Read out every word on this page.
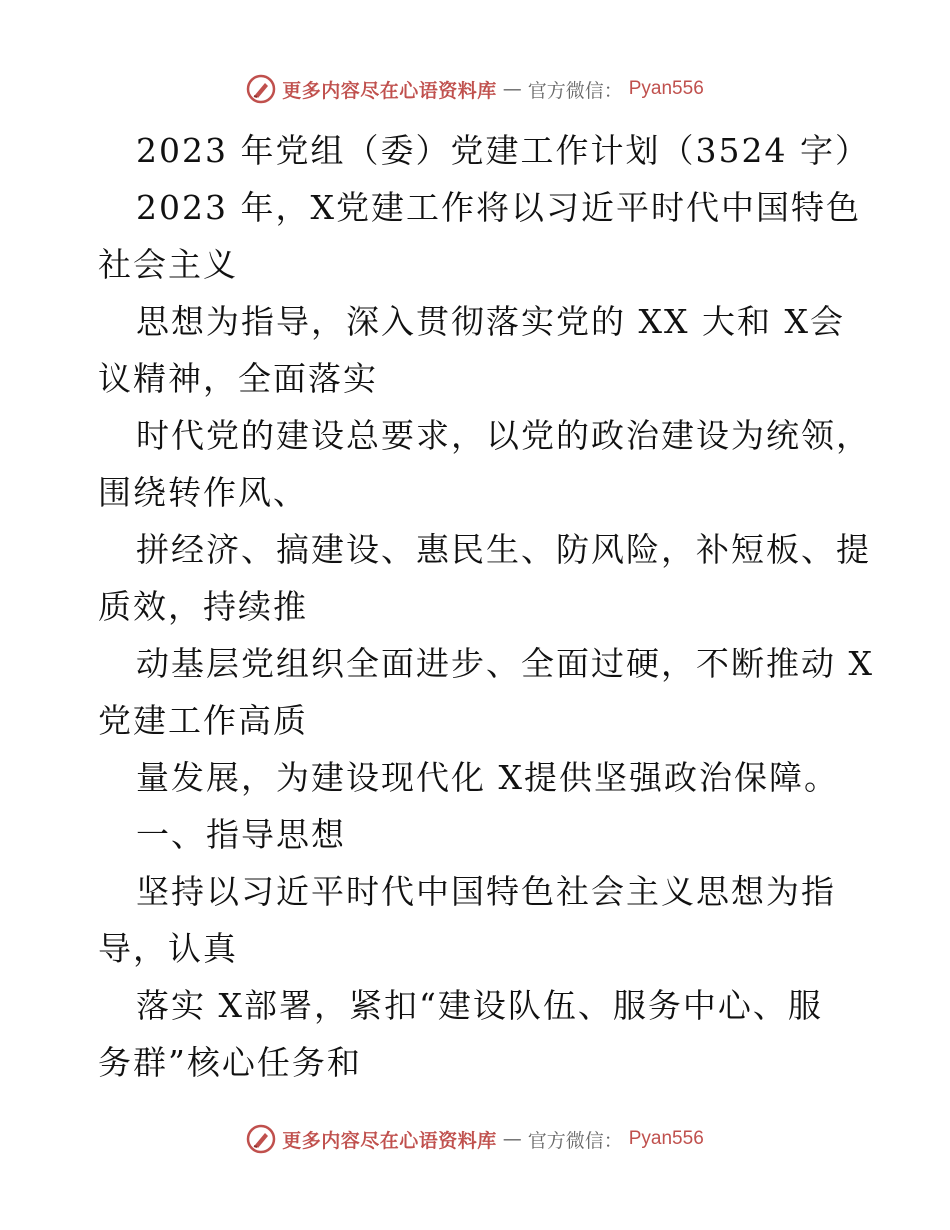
更多内容尽在心语资料库 — 官方微信： Pyan556
2023 年党组（委）党建工作计划（3524 字）
2023 年，X党建工作将以习近平时代中国特色
社会主义
思想为指导，深入贯彻落实党的 XX 大和 X会
议精神，全面落实
时代党的建设总要求，以党的政治建设为统领，
围绕转作风、
拼经济、搞建设、惠民生、防风险，补短板、提
质效，持续推
动基层党组织全面进步、全面过硬，不断推动 X
党建工作高质
量发展，为建设现代化 X提供坚强政治保障。
一、指导思想
坚持以习近平时代中国特色社会主义思想为指
导，认真
落实 X部署，紧扣“建设队伍、服务中心、服
务群”核心任务和
更多内容尽在心语资料库 — 官方微信： Pyan556
